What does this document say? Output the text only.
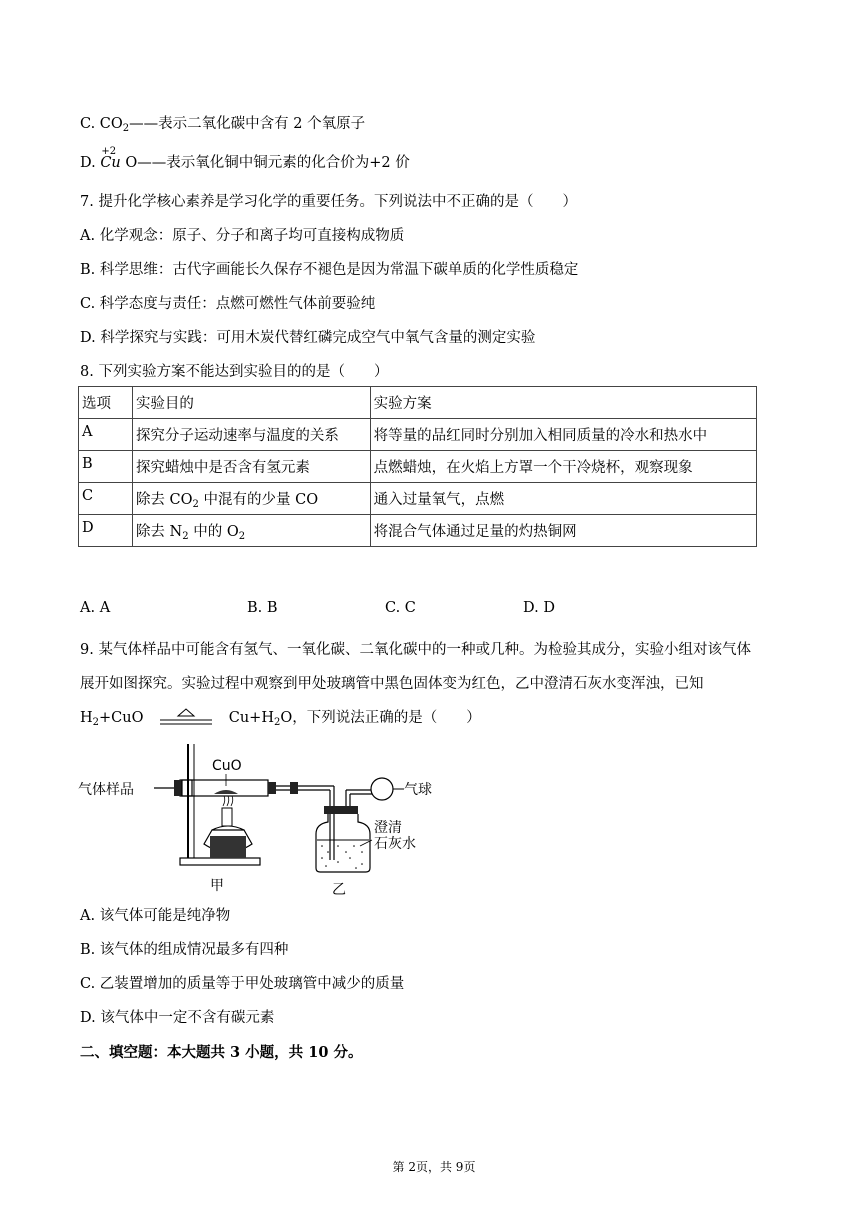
C. $CO_2——$表示二氧化碳中含有 2 个氧原子
D.
+2
Cu O——表示氧化铜中铜元素的化合价为+2 价
7. 提升化学核心素养是学习化学的重要任务。下列说法中不正确的是（　　）
A. 化学观念：原子、分子和离子均可直接构成物质
B. 科学思维：古代字画能长久保存不褪色是因为常温下碳单质的化学性质稳定
C. 科学态度与责任：点燃可燃性气体前要验纯
D. 科学探究与实践：可用木炭代替红磷完成空气中氧气含量的测定实验
8. 下列实验方案不能达到实验目的的是（　　）
选项	实验目的	实验方案
A	探究分子运动速率与温度的关系	将等量的品红同时分别加入相同质量的冷水和热水中
B	探究蜡烛中是否含有氢元素	点燃蜡烛，在火焰上方罩一个干冷烧杯，观察现象
C	除去 $CO_2$ 中混有的少量 CO	通入过量氧气，点燃
D	除去 $N_2$ 中的 $O_2$	将混合气体通过足量的灼热铜网
A. A	B. B	C. C	D. D
9. 某气体样品中可能含有氢气、一氧化碳、二氧化碳中的一种或几种。为检验其成分，实验小组对该气体
展开如图探究。实验过程中观察到甲处玻璃管中黑色固体变为红色，乙中澄清石灰水变浑浊，已知
$H_2+CuO$	$Cu+H_2O$，下列说法正确的是（　　）
CuO
气体样品	气球
澄清
石灰水
甲	乙
A. 该气体可能是纯净物
B. 该气体的组成情况最多有四种
C. 乙装置增加的质量等于甲处玻璃管中减少的质量
D. 该气体中一定不含有碳元素
二、填空题：本大题共 3 小题，共 10 分。
第 2页，共 9页
